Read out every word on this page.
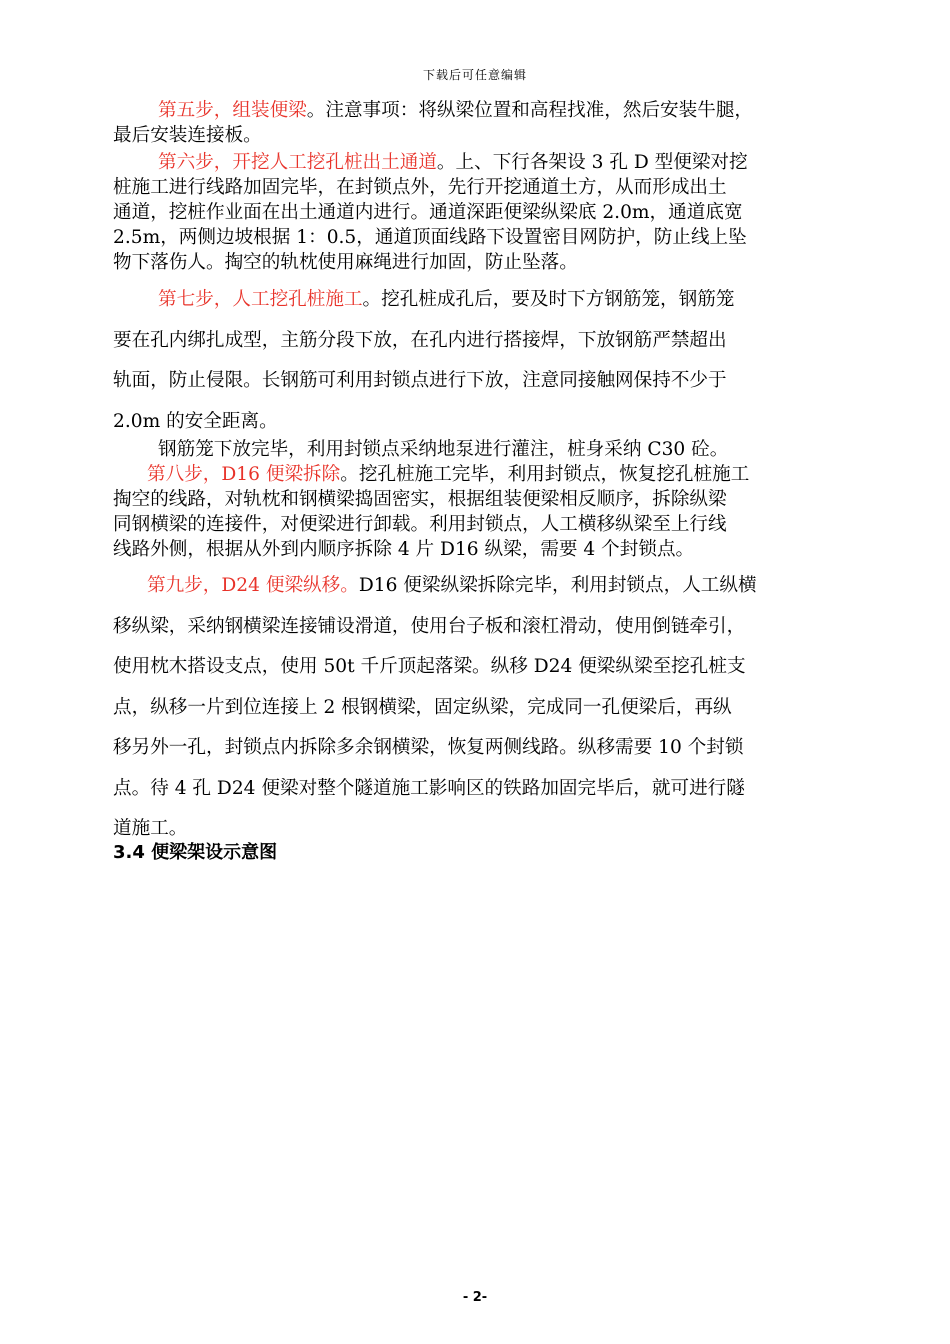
下载后可任意编辑

第五步，组装便梁。注意事项：将纵梁位置和高程找准，然后安装牛腿，
最后安装连接板。

第六步，开挖人工挖孔桩出土通道。上、下行各架设 3 孔 D 型便梁对挖
桩施工进行线路加固完毕，在封锁点外，先行开挖通道土方，从而形成出土
通道，挖桩作业面在出土通道内进行。通道深距便梁纵梁底 2.0m，通道底宽
2.5m，两侧边坡根据 1：0.5，通道顶面线路下设置密目网防护，防止线上坠
物下落伤人。掏空的轨枕使用麻绳进行加固，防止坠落。

第七步，人工挖孔桩施工。挖孔桩成孔后，要及时下方钢筋笼，钢筋笼
要在孔内绑扎成型，主筋分段下放，在孔内进行搭接焊，下放钢筋严禁超出
轨面，防止侵限。长钢筋可利用封锁点进行下放，注意同接触网保持不少于
2.0m 的安全距离。

钢筋笼下放完毕，利用封锁点采纳地泵进行灌注，桩身采纳 C30 砼。

第八步，D16 便梁拆除。挖孔桩施工完毕，利用封锁点，恢复挖孔桩施工
掏空的线路，对轨枕和钢横梁捣固密实，根据组装便梁相反顺序，拆除纵梁
同钢横梁的连接件，对便梁进行卸载。利用封锁点，人工横移纵梁至上行线
线路外侧，根据从外到内顺序拆除 4 片 D16 纵梁，需要 4 个封锁点。

第九步，D24 便梁纵移。D16 便梁纵梁拆除完毕，利用封锁点，人工纵横
移纵梁，采纳钢横梁连接铺设滑道，使用台子板和滚杠滑动，使用倒链牵引，
使用枕木搭设支点，使用 50t 千斤顶起落梁。纵移 D24 便梁纵梁至挖孔桩支
点，纵移一片到位连接上 2 根钢横梁，固定纵梁，完成同一孔便梁后，再纵
移另外一孔，封锁点内拆除多余钢横梁，恢复两侧线路。纵移需要 10 个封锁
点。待 4 孔 D24 便梁对整个隧道施工影响区的铁路加固完毕后，就可进行隧
道施工。

3.4 便梁架设示意图
- 2-
